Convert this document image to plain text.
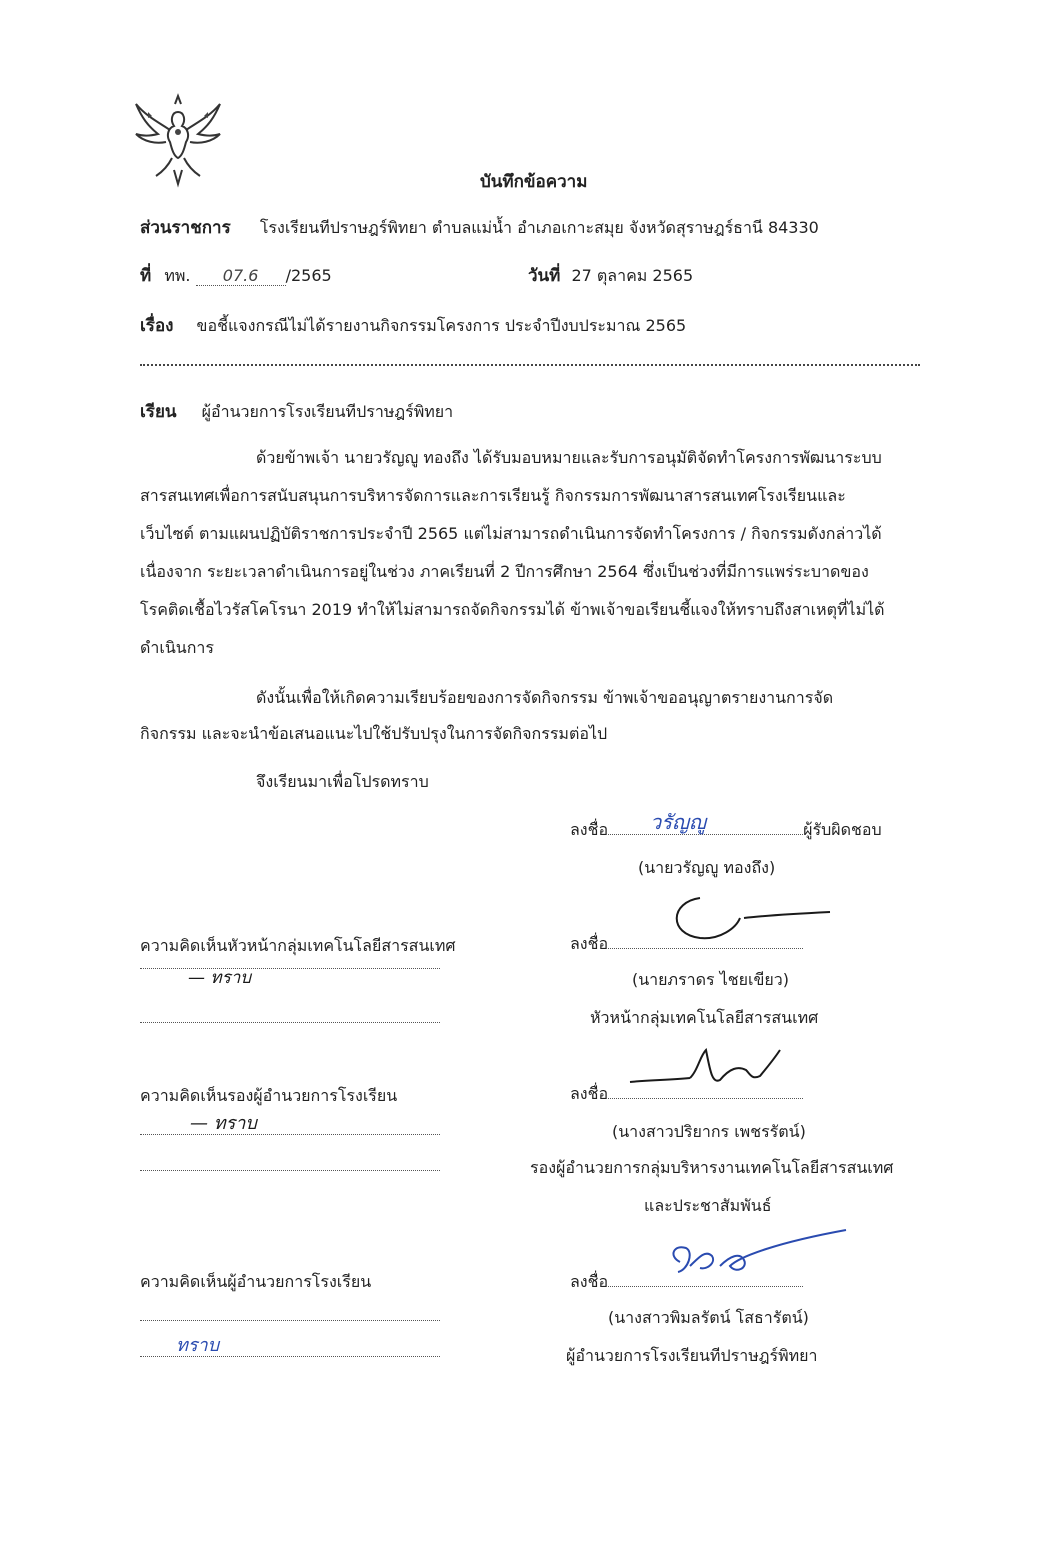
บันทึกข้อความ
ส่วนราชการ โรงเรียนทีปราษฎร์พิทยา ตำบลแม่น้ำ อำเภอเกาะสมุย จังหวัดสุราษฎร์ธานี 84330
ที่ ทพ. 07.6 /2565	วันที่ 27 ตุลาคม 2565
เรื่อง ขอชี้แจงกรณีไม่ได้รายงานกิจกรรมโครงการ ประจำปีงบประมาณ 2565
เรียน ผู้อำนวยการโรงเรียนทีปราษฎร์พิทยา
ด้วยข้าพเจ้า นายวรัญญู ทองถึง ได้รับมอบหมายและรับการอนุมัติจัดทำโครงการพัฒนาระบบ
สารสนเทศเพื่อการสนับสนุนการบริหารจัดการและการเรียนรู้ กิจกรรมการพัฒนาสารสนเทศโรงเรียนและ
เว็บไซต์ ตามแผนปฏิบัติราชการประจำปี 2565 แต่ไม่สามารถดำเนินการจัดทำโครงการ / กิจกรรมดังกล่าวได้
เนื่องจาก ระยะเวลาดำเนินการอยู่ในช่วง ภาคเรียนที่ 2 ปีการศึกษา 2564 ซึ่งเป็นช่วงที่มีการแพร่ระบาดของ
โรคติดเชื้อไวรัสโคโรนา 2019 ทำให้ไม่สามารถจัดกิจกรรมได้ ข้าพเจ้าขอเรียนชี้แจงให้ทราบถึงสาเหตุที่ไม่ได้
ดำเนินการ
ดังนั้นเพื่อให้เกิดความเรียบร้อยของการจัดกิจกรรม ข้าพเจ้าขออนุญาตรายงานการจัด
กิจกรรม และจะนำข้อเสนอแนะไปใช้ปรับปรุงในการจัดกิจกรรมต่อไป
จึงเรียนมาเพื่อโปรดทราบ
ลงชื่อ	ผู้รับผิดชอบ
วรัญญู
(นายวรัญญู ทองถึง)
ความคิดเห็นหัวหน้ากลุ่มเทคโนโลยีสารสนเทศ
— ทราบ
ลงชื่อ
(นายภราดร ไชยเขียว)
หัวหน้ากลุ่มเทคโนโลยีสารสนเทศ
ความคิดเห็นรองผู้อำนวยการโรงเรียน
— ทราบ
ลงชื่อ
(นางสาวปริยากร เพชรรัตน์)
รองผู้อำนวยการกลุ่มบริหารงานเทคโนโลยีสารสนเทศ
และประชาสัมพันธ์
ความคิดเห็นผู้อำนวยการโรงเรียน
ทราบ
ลงชื่อ
(นางสาวพิมลรัตน์ โสธารัตน์)
ผู้อำนวยการโรงเรียนทีปราษฎร์พิทยา
